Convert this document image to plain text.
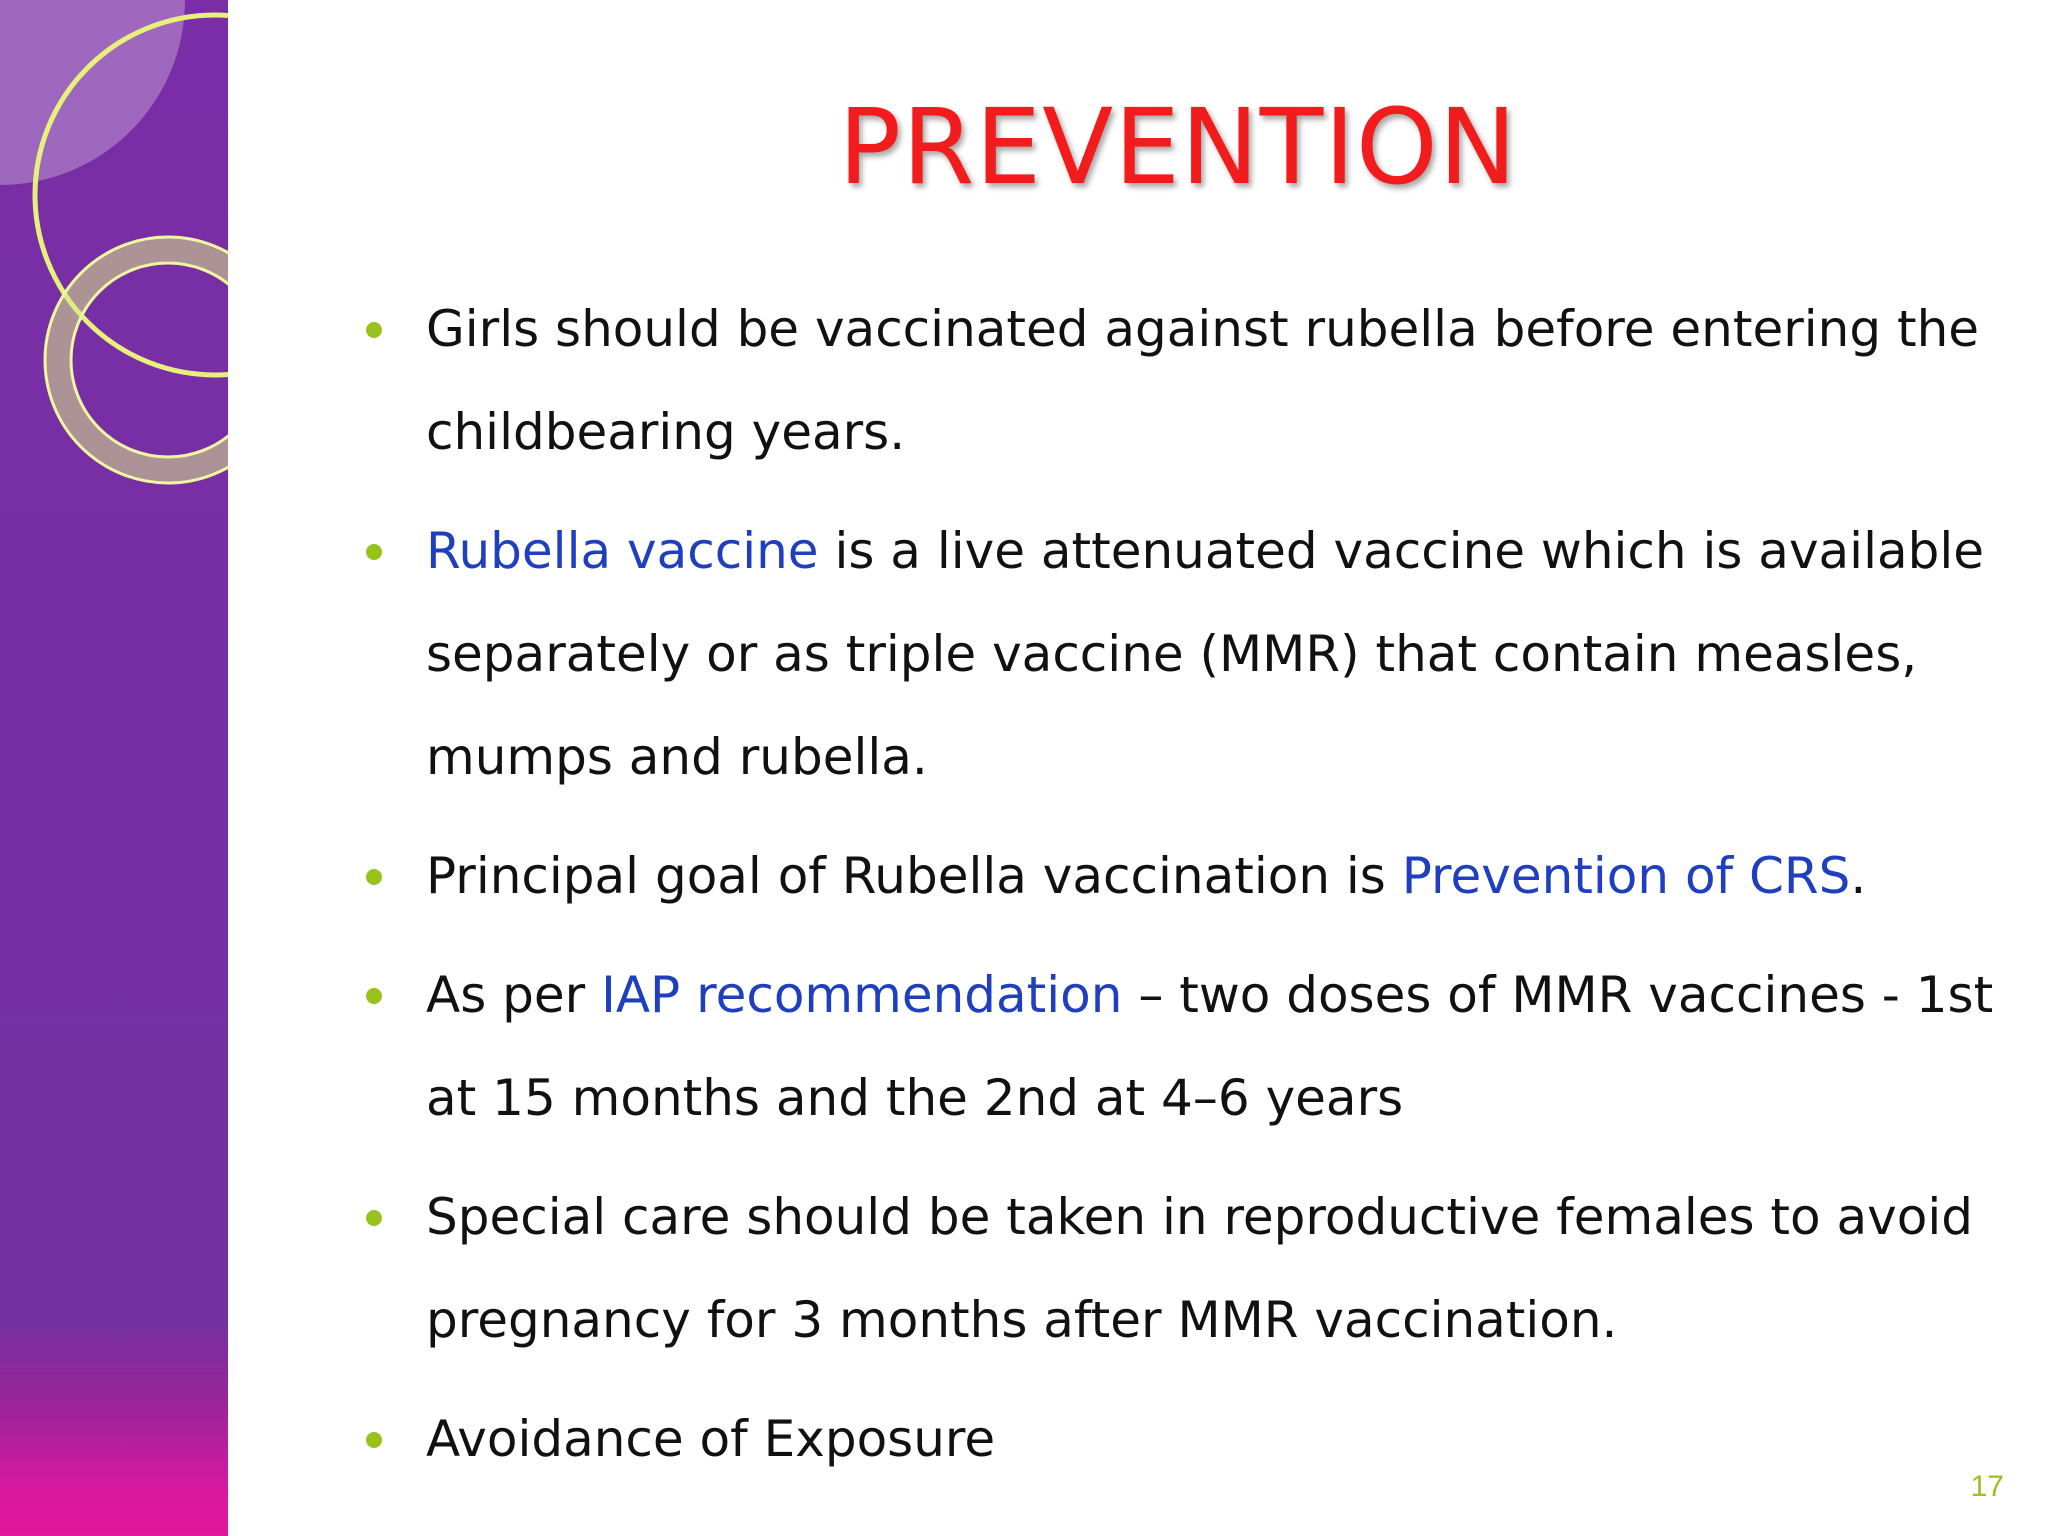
PREVENTION
Girls should be vaccinated against rubella before entering the childbearing years.
Rubella vaccine is a live attenuated vaccine which is available separately or as triple vaccine (MMR) that contain measles, mumps and rubella.
Principal goal of Rubella vaccination is Prevention of CRS.
As per IAP recommendation – two doses of MMR vaccines - 1st at 15 months and the 2nd at 4–6 years
Special care should be taken in reproductive females to avoid pregnancy for 3 months after MMR vaccination.
Avoidance of Exposure
17
